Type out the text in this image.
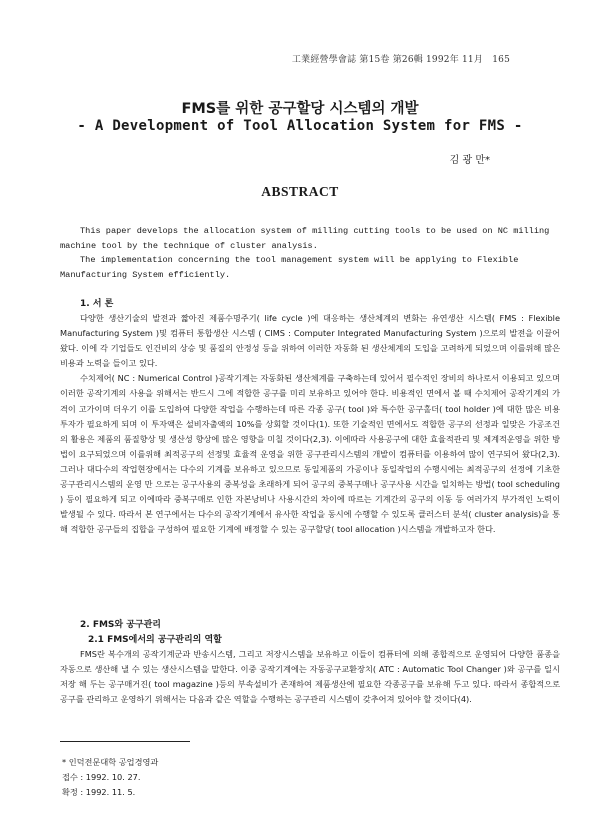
工業經營學會誌 第15卷 第26輯 1992年 11月 165
FMS를 위한 공구할당 시스템의 개발
- A Development of Tool Allocation System for FMS -
김 광 만*
ABSTRACT

This paper develops the allocation system of milling cutting tools to be used on NC milling machine tool by the technique of cluster analysis.

The implementation concerning the tool management system will be applying to Flexible Manufacturing System efficiently.

1. 서 론

다양한 생산기술의 발전과 짧아진 제품수명주기( life cycle )에 대응하는 생산체계의 변화는 유연생산 시스템( FMS : Flexible Manufacturing System )및 컴퓨터 통합생산 시스템 ( CIMS : Computer Integrated Manufacturing System )으로의 발전을 이끌어 왔다. 이에 각 기업들도 인건비의 상승 및 품질의 안정성 등을 위하여 이러한 자동화 된 생산체계의 도입을 고려하게 되었으며 이를위해 많은 비용과 노력을 들이고 있다.

수치제어( NC : Numerical Control )공작기계는 자동화된 생산체계를 구축하는데 있어서 필수적인 장비의 하나로서 이용되고 있으며 이러한 공작기계의 사용을 위해서는 반드시 그에 적합한 공구를 미리 보유하고 있어야 한다. 비용적인 면에서 볼 때 수치제어 공작기계의 가격이 고가이며 더우기 이를 도입하여 다양한 작업을 수행하는데 따른 각종 공구( tool )와 특수한 공구홀더( tool holder )에 대한 많은 비용투자가 필요하게 되며 이 투자액은 설비자출액의 10%를 상회할 것이다(1). 또한 기술적인 면에서도 적합한 공구의 선정과 일맞은 가공조건의 활용은 제품의 품질향상 및 생산성 향상에 많은 영향을 미칠 것이다(2,3). 이에따라 사용공구에 대한 효율적관리 및 체계적운영을 위한 방법이 요구되었으며 이를위해 최적공구의 선정및 효율적 운영을 위한 공구관리시스템의 개발이 컴퓨터를 이용하여 많이 연구되어 왔다(2,3). 그러나 대다수의 작업현장에서는 다수의 기계를 보유하고 있으므로 동일제품의 가공이나 동일작업의 수행시에는 최적공구의 선정에 기초한 공구관리시스템의 운영 만 으로는 공구사용의 중복성을 초래하게 되어 공구의 중복구매나 공구사용 시간을 일치하는 방법( tool scheduling ) 등이 필요하게 되고 이에따라 중복구매로 인한 자본낭비나 사용시간의 차이에 따르는 기계간의 공구의 이동 등 여러가지 부가적인 노력이 발생될 수 있다. 따라서 본 연구에서는 다수의 공작기계에서 유사한 작업을 동시에 수행할 수 있도록 클러스터 분석( cluster analysis)을 통해 적합한 공구들의 집합을 구성하여 필요한 기계에 배정할 수 있는 공구할당( tool allocation )시스템을 개발하고자 한다.

2. FMS와 공구관리
2.1 FMS에서의 공구관리의 역할

FMS란 복수개의 공작기계군과 반송시스템, 그리고 저장시스템을 보유하고 이들이 컴퓨터에 의해 종합적으로 운영되어 다양한 품종을 자동으로 생산해 낼 수 있는 생산시스템을 말한다. 이중 공작기계에는 자동공구교환장치( ATC : Automatic Tool Changer )와 공구를 일시저장 해 두는 공구매거진( tool magazine )등의 부속설비가 존재하여 제품생산에 필요한 각종공구를 보유해 두고 있다. 따라서 종합적으로 공구를 관리하고 운영하기 위해서는 다음과 같은 역할을 수행하는 공구관리 시스템이 갖추어져 있어야 할 것이다(4).

* 인덕전문대학 공업경영과
접수 : 1992. 10. 27.
확정 : 1992. 11. 5.
